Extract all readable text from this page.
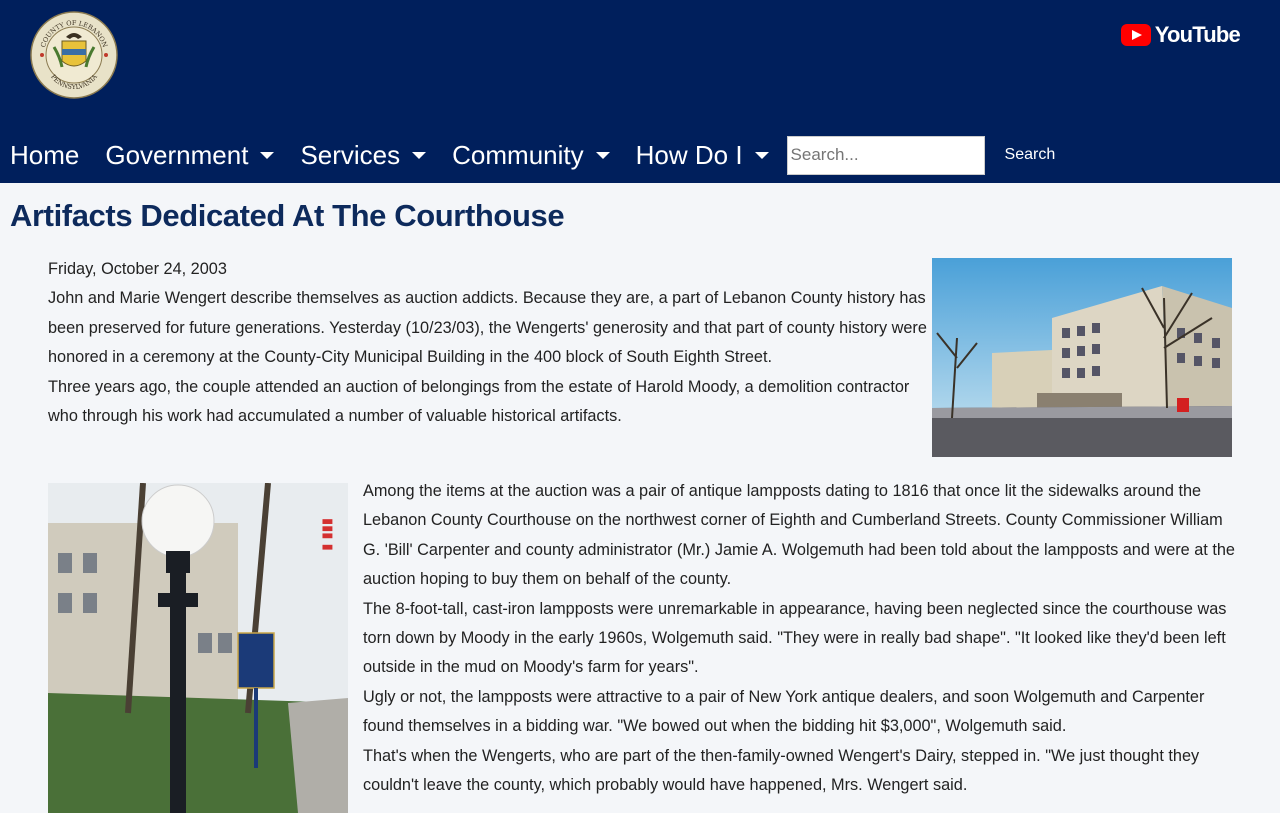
COUNTY OF LEBANON
PENNSYLVANIA
YouTube
Home Government Services Community How Do I
Search...	Search
Artifacts Dedicated At The Courthouse

Friday, October 24, 2003

John and Marie Wengert describe themselves as auction addicts. Because they are, a part of Lebanon County history has been preserved for future generations. Yesterday (10/23/03), the Wengerts' generosity and that part of county history were honored in a ceremony at the County-City Municipal Building in the 400 block of South Eighth Street.

Three years ago, the couple attended an auction of belongings from the estate of Harold Moody, a demolition contractor who through his work had accumulated a number of valuable historical artifacts.

▮▮▮ ▮

Among the items at the auction was a pair of antique lampposts dating to 1816 that once lit the sidewalks around the Lebanon County Courthouse on the northwest corner of Eighth and Cumberland Streets. County Commissioner William G. 'Bill' Carpenter and county administrator (Mr.) Jamie A. Wolgemuth had been told about the lampposts and were at the auction hoping to buy them on behalf of the county.

The 8-foot-tall, cast-iron lampposts were unremarkable in appearance, having been neglected since the courthouse was torn down by Moody in the early 1960s, Wolgemuth said. "They were in really bad shape". "It looked like they'd been left outside in the mud on Moody's farm for years".

Ugly or not, the lampposts were attractive to a pair of New York antique dealers, and soon Wolgemuth and Carpenter found themselves in a bidding war. "We bowed out when the bidding hit $3,000", Wolgemuth said.

That's when the Wengerts, who are part of the then-family-owned Wengert's Dairy, stepped in. "We just thought they couldn't leave the county, which probably would have happened, Mrs. Wengert said.
